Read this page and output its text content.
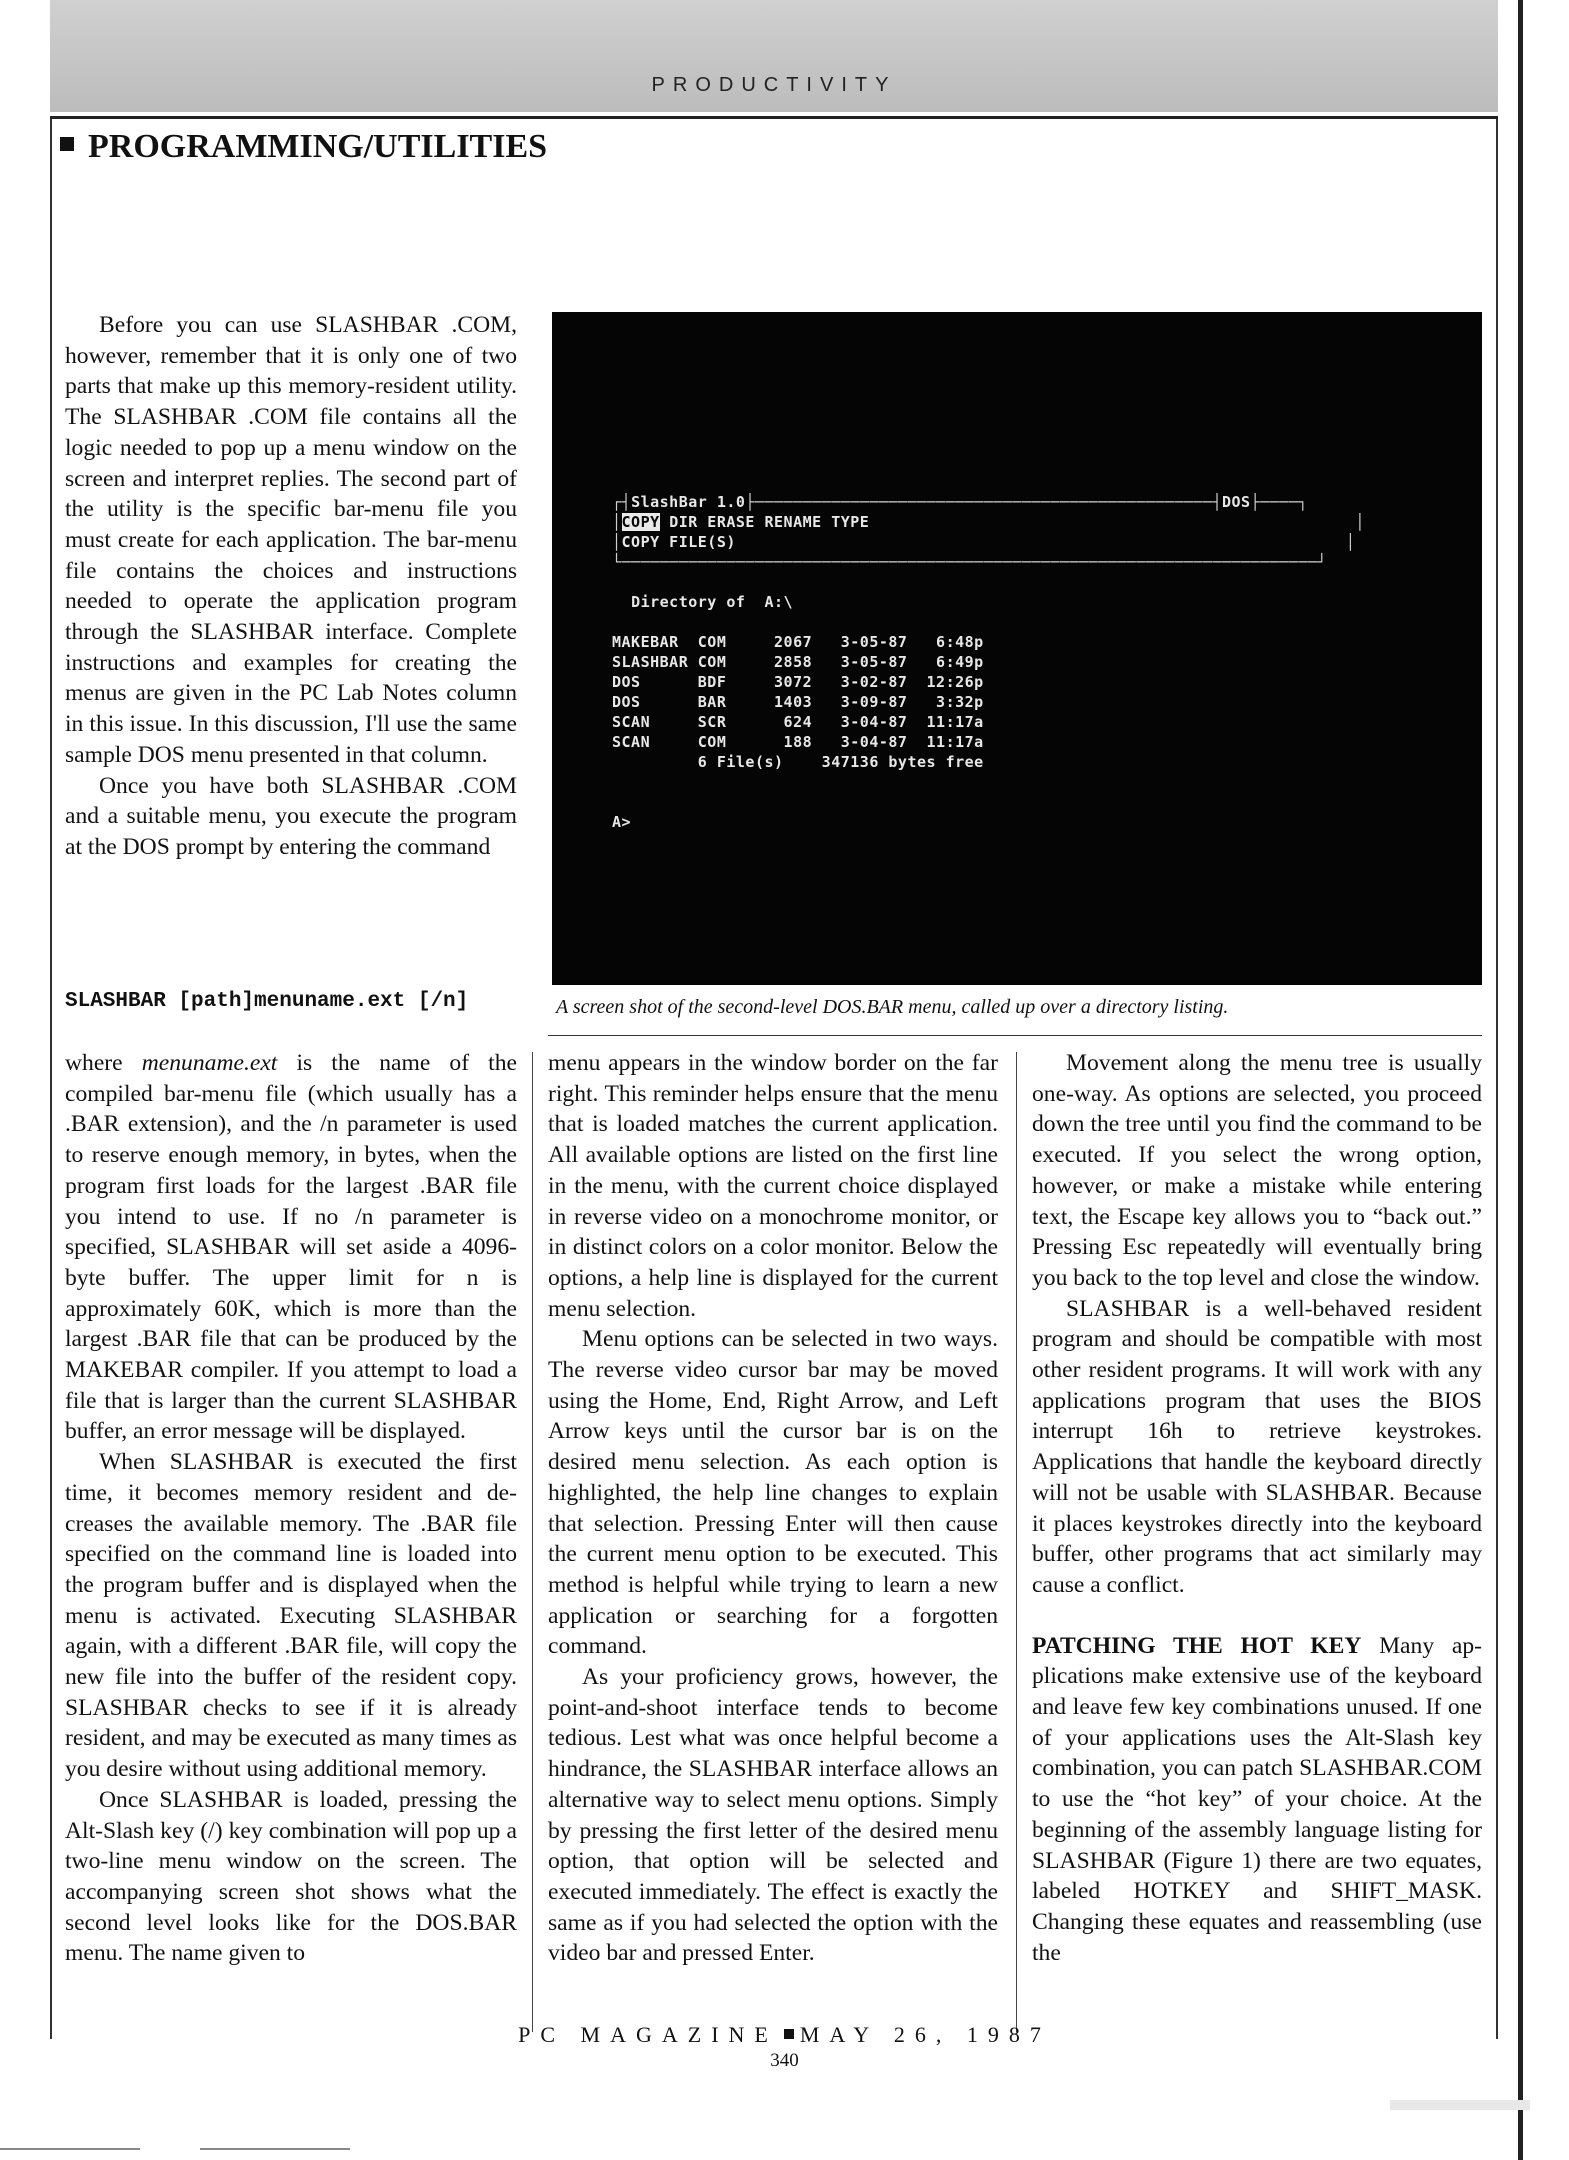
PRODUCTIVITY
PROGRAMMING/UTILITIES

Before you can use SLASHBAR .COM, however, remember that it is only one of two parts that make up this memory-resident utility. The SLASHBAR .COM file contains all the logic needed to pop up a menu window on the screen and interpret replies. The second part of the utility is the specific bar-menu file you must create for each application. The bar-menu file contains the choices and instructions needed to operate the application program through the SLASHBAR interface. Complete instructions and examples for creating the menus are given in the PC Lab Notes column in this issue. In this discussion, I'll use the same sample DOS menu presented in that column.

Once you have both SLASHBAR .COM and a suitable menu, you execute the program at the DOS prompt by entering the command

SLASHBAR [path]menuname.ext [/n]
┌┤SlashBar 1.0├────────────────────────────────────────────────┤DOS├────┐
│COPY DIR ERASE RENAME TYPE                                                   │
│COPY FILE(S)                                                                │
└─────────────────────────────────────────────────────────────────────────┘

Directory of  A:\

MAKEBAR  COM     2067   3-05-87   6:48p
SLASHBAR COM     2858   3-05-87   6:49p
DOS      BDF     3072   3-02-87  12:26p
DOS      BAR     1403   3-09-87   3:32p
SCAN     SCR      624   3-04-87  11:17a
SCAN     COM      188   3-04-87  11:17a
6 File(s)    347136 bytes free

A>
A screen shot of the second-level DOS.BAR menu, called up over a directory listing.

where menuname.ext is the name of the compiled bar-menu file (which usually has a .BAR extension), and the /n parameter is used to reserve enough memory, in bytes, when the program first loads for the largest .BAR file you intend to use. If no /n parameter is specified, SLASHBAR will set aside a 4096-byte buffer. The upper limit for n is approximately 60K, which is more than the largest .BAR file that can be produced by the MAKEBAR compiler. If you attempt to load a file that is larger than the current SLASHBAR buffer, an error message will be displayed.

When SLASHBAR is executed the first time, it becomes memory resident and decreases the available memory. The .BAR file specified on the command line is loaded into the program buffer and is displayed when the menu is activated. Executing SLASHBAR again, with a different .BAR file, will copy the new file into the buffer of the resident copy. SLASHBAR checks to see if it is already resident, and may be executed as many times as you desire without using additional memory.

Once SLASHBAR is loaded, pressing the Alt-Slash key (/) key combination will pop up a two-line menu window on the screen. The accompanying screen shot shows what the second level looks like for the DOS.BAR menu. The name given to

menu appears in the window border on the far right. This reminder helps ensure that the menu that is loaded matches the current application. All available options are listed on the first line in the menu, with the current choice displayed in reverse video on a monochrome monitor, or in distinct colors on a color monitor. Below the options, a help line is displayed for the current menu selection.

Menu options can be selected in two ways. The reverse video cursor bar may be moved using the Home, End, Right Arrow, and Left Arrow keys until the cursor bar is on the desired menu selection. As each option is highlighted, the help line changes to explain that selection. Pressing Enter will then cause the current menu option to be executed. This method is helpful while trying to learn a new application or searching for a forgotten command.

As your proficiency grows, however, the point-and-shoot interface tends to become tedious. Lest what was once helpful become a hindrance, the SLASHBAR interface allows an alternative way to select menu options. Simply by pressing the first letter of the desired menu option, that option will be selected and executed immediately. The effect is exactly the same as if you had selected the option with the video bar and pressed Enter.

Movement along the menu tree is usually one-way. As options are selected, you proceed down the tree until you find the command to be executed. If you select the wrong option, however, or make a mistake while entering text, the Escape key allows you to “back out.” Pressing Esc repeatedly will eventually bring you back to the top level and close the window.

SLASHBAR is a well-behaved resident program and should be compatible with most other resident programs. It will work with any applications program that uses the BIOS interrupt 16h to retrieve keystrokes. Applications that handle the keyboard directly will not be usable with SLASHBAR. Because it places keystrokes directly into the keyboard buffer, other programs that act similarly may cause a conflict.

PATCHING THE HOT KEY Many applications make extensive use of the keyboard and leave few key combinations unused. If one of your applications uses the Alt-Slash key combination, you can patch SLASHBAR.COM to use the “hot key” of your choice. At the beginning of the assembly language listing for SLASHBAR (Figure 1) there are two equates, labeled HOTKEY and SHIFT_MASK. Changing these equates and reassembling (use the

PC MAGAZINE MAY 26, 1987
340
